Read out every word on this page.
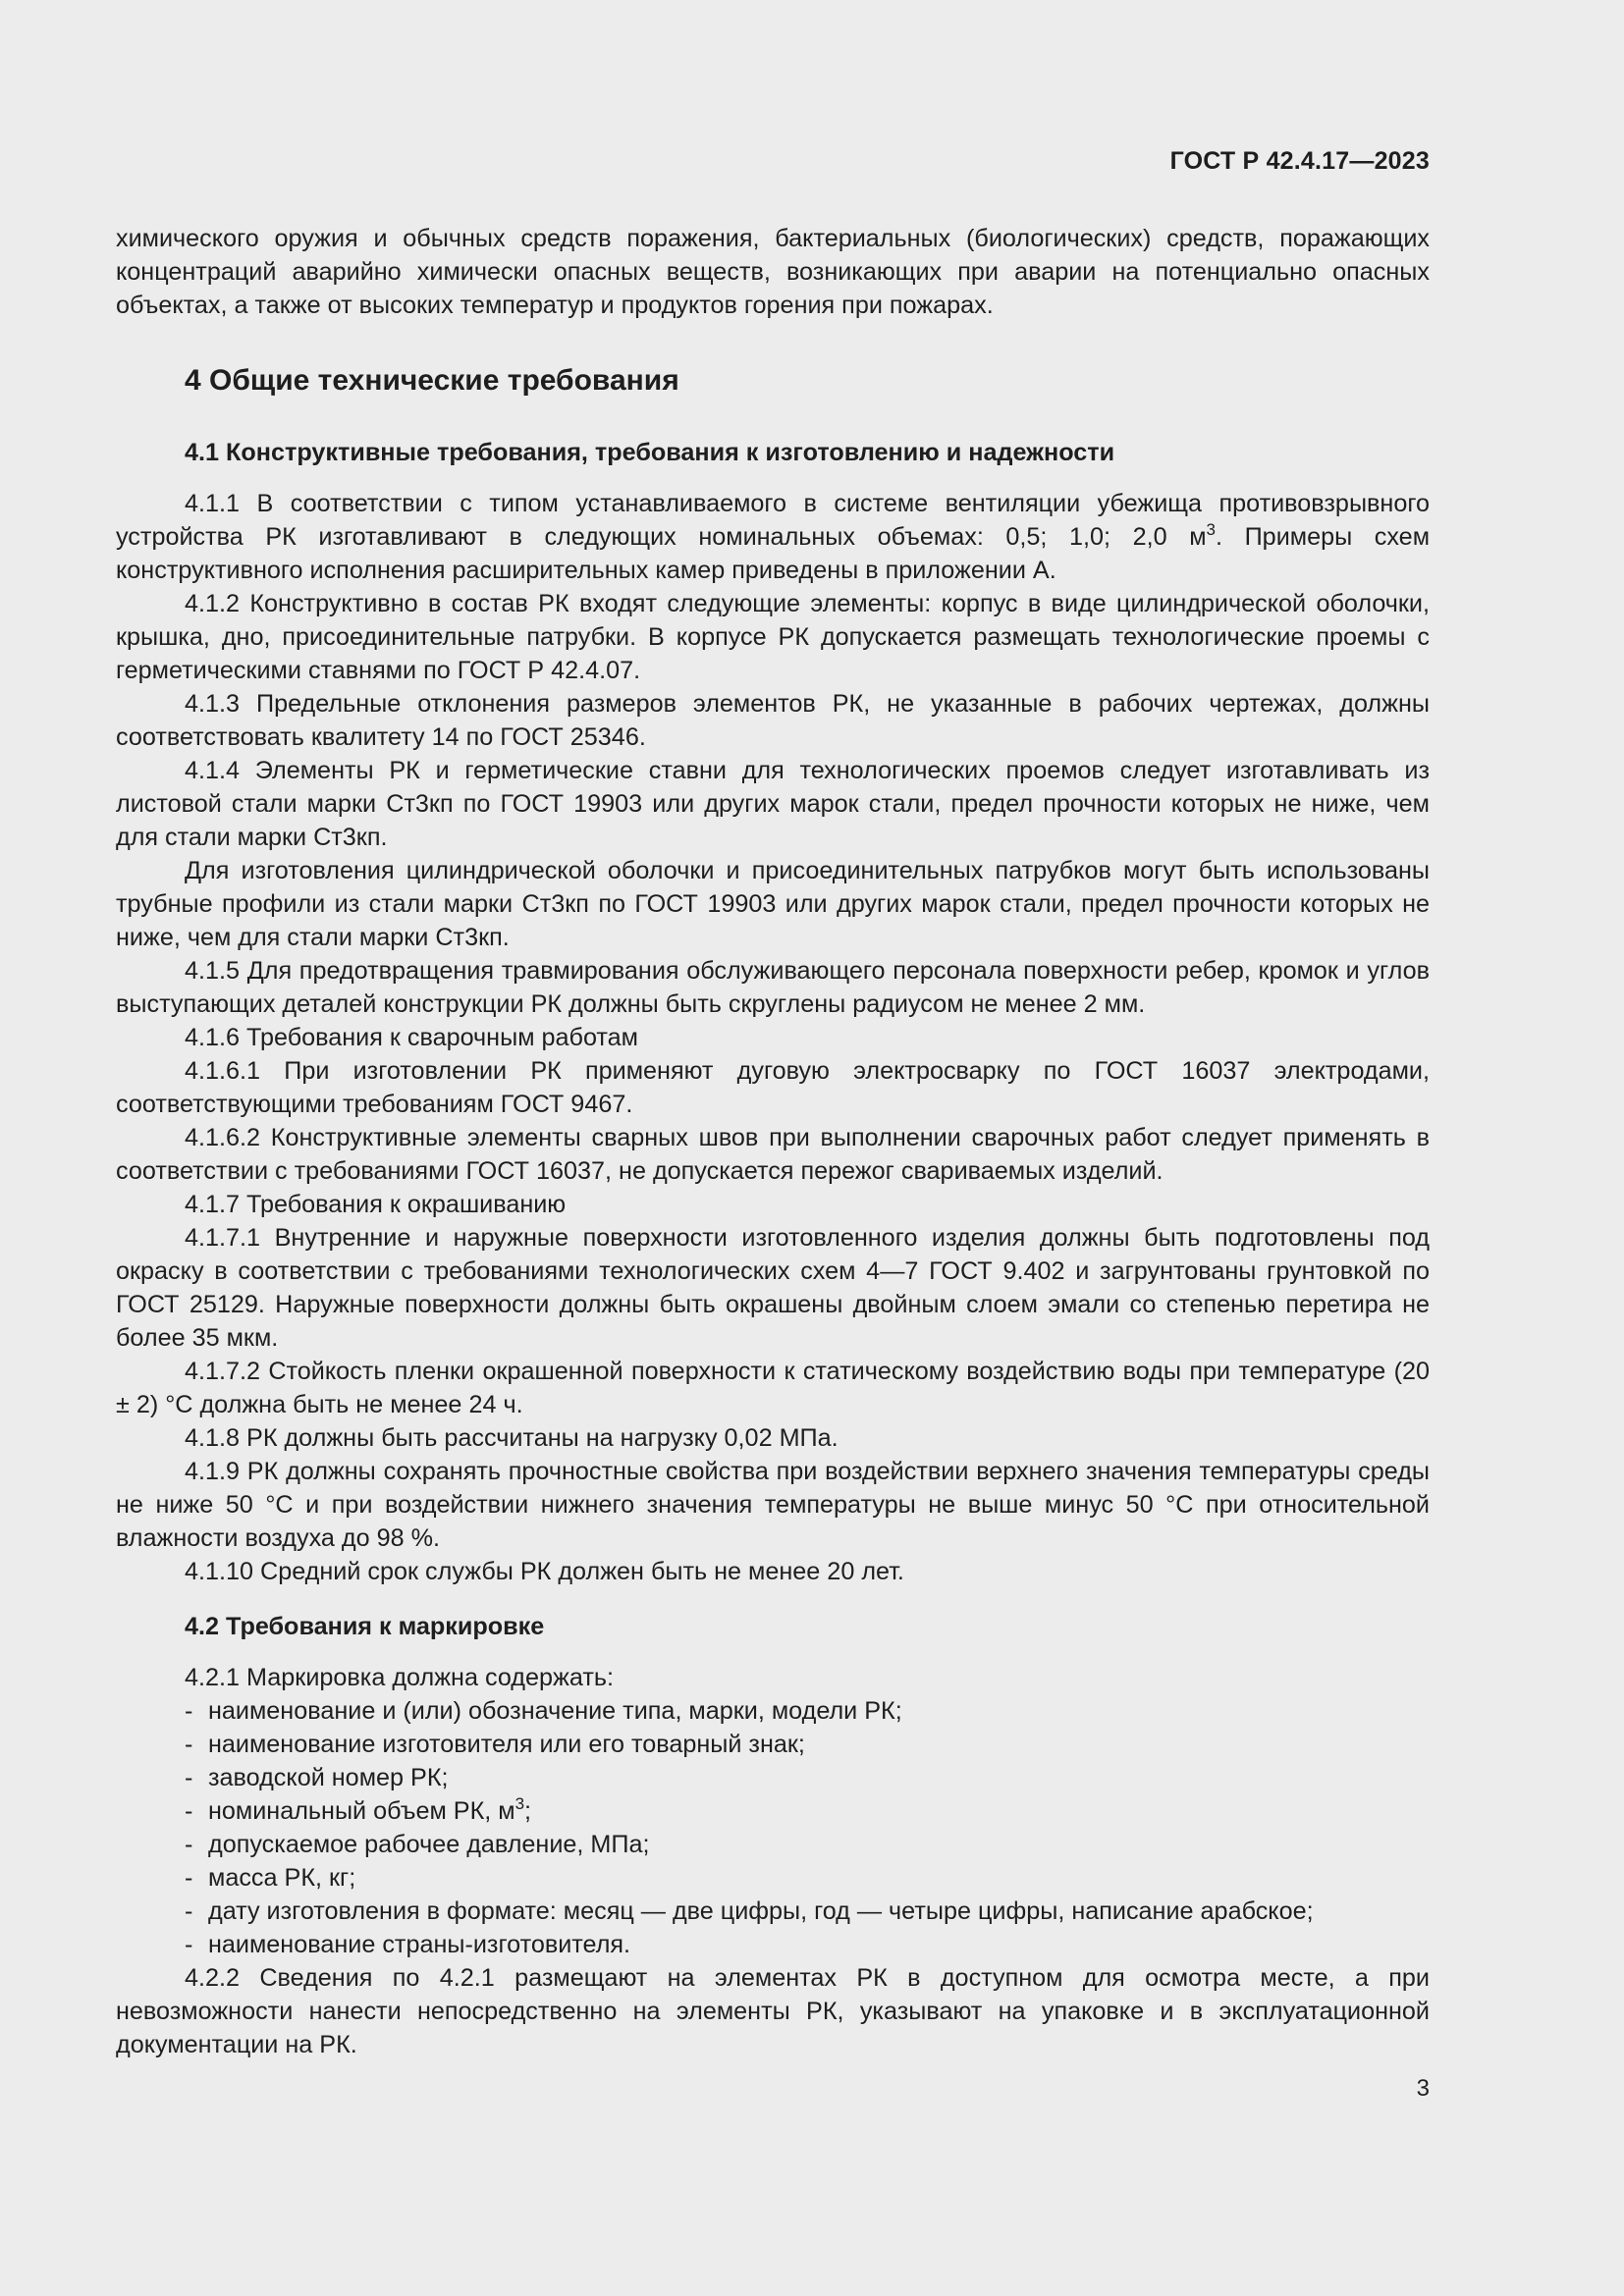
ГОСТ Р 42.4.17—2023

химического оружия и обычных средств поражения, бактериальных (биологических) средств, поражающих концентраций аварийно химически опасных веществ, возникающих при аварии на потенциально опасных объектах, а также от высоких температур и продуктов горения при пожарах.

4 Общие технические требования

4.1 Конструктивные требования, требования к изготовлению и надежности

4.1.1 В соответствии с типом устанавливаемого в системе вентиляции убежища противовзрывного устройства РК изготавливают в следующих номинальных объемах: 0,5; 1,0; 2,0 $м^3$. Примеры схем конструктивного исполнения расширительных камер приведены в приложении А.

4.1.2 Конструктивно в состав РК входят следующие элементы: корпус в виде цилиндрической оболочки, крышка, дно, присоединительные патрубки. В корпусе РК допускается размещать технологические проемы с герметическими ставнями по ГОСТ Р 42.4.07.

4.1.3 Предельные отклонения размеров элементов РК, не указанные в рабочих чертежах, должны соответствовать квалитету 14 по ГОСТ 25346.

4.1.4 Элементы РК и герметические ставни для технологических проемов следует изготавливать из листовой стали марки Ст3кп по ГОСТ 19903 или других марок стали, предел прочности которых не ниже, чем для стали марки Ст3кп.

Для изготовления цилиндрической оболочки и присоединительных патрубков могут быть использованы трубные профили из стали марки Ст3кп по ГОСТ 19903 или других марок стали, предел прочности которых не ниже, чем для стали марки Ст3кп.

4.1.5 Для предотвращения травмирования обслуживающего персонала поверхности ребер, кромок и углов выступающих деталей конструкции РК должны быть скруглены радиусом не менее 2 мм.

4.1.6 Требования к сварочным работам

4.1.6.1 При изготовлении РК применяют дуговую электросварку по ГОСТ 16037 электродами, соответствующими требованиям ГОСТ 9467.

4.1.6.2 Конструктивные элементы сварных швов при выполнении сварочных работ следует применять в соответствии с требованиями ГОСТ 16037, не допускается пережог свариваемых изделий.

4.1.7 Требования к окрашиванию

4.1.7.1 Внутренние и наружные поверхности изготовленного изделия должны быть подготовлены под окраску в соответствии с требованиями технологических схем 4—7 ГОСТ 9.402 и загрунтованы грунтовкой по ГОСТ 25129. Наружные поверхности должны быть окрашены двойным слоем эмали со степенью перетира не более 35 мкм.

4.1.7.2 Стойкость пленки окрашенной поверхности к статическому воздействию воды при температуре (20 ± 2) °С должна быть не менее 24 ч.

4.1.8 РК должны быть рассчитаны на нагрузку 0,02 МПа.

4.1.9 РК должны сохранять прочностные свойства при воздействии верхнего значения температуры среды не ниже 50 °С и при воздействии нижнего значения температуры не выше минус 50 °С при относительной влажности воздуха до 98 %.

4.1.10 Средний срок службы РК должен быть не менее 20 лет.

4.2 Требования к маркировке

4.2.1 Маркировка должна содержать:

- наименование и (или) обозначение типа, марки, модели РК;

- наименование изготовителя или его товарный знак;

- заводской номер РК;

- номинальный объем РК, $м^3$;

- допускаемое рабочее давление, МПа;

- масса РК, кг;

- дату изготовления в формате: месяц — две цифры, год — четыре цифры, написание арабское;

- наименование страны-изготовителя.

4.2.2 Сведения по 4.2.1 размещают на элементах РК в доступном для осмотра месте, а при невозможности нанести непосредственно на элементы РК, указывают на упаковке и в эксплуатационной документации на РК.

3
